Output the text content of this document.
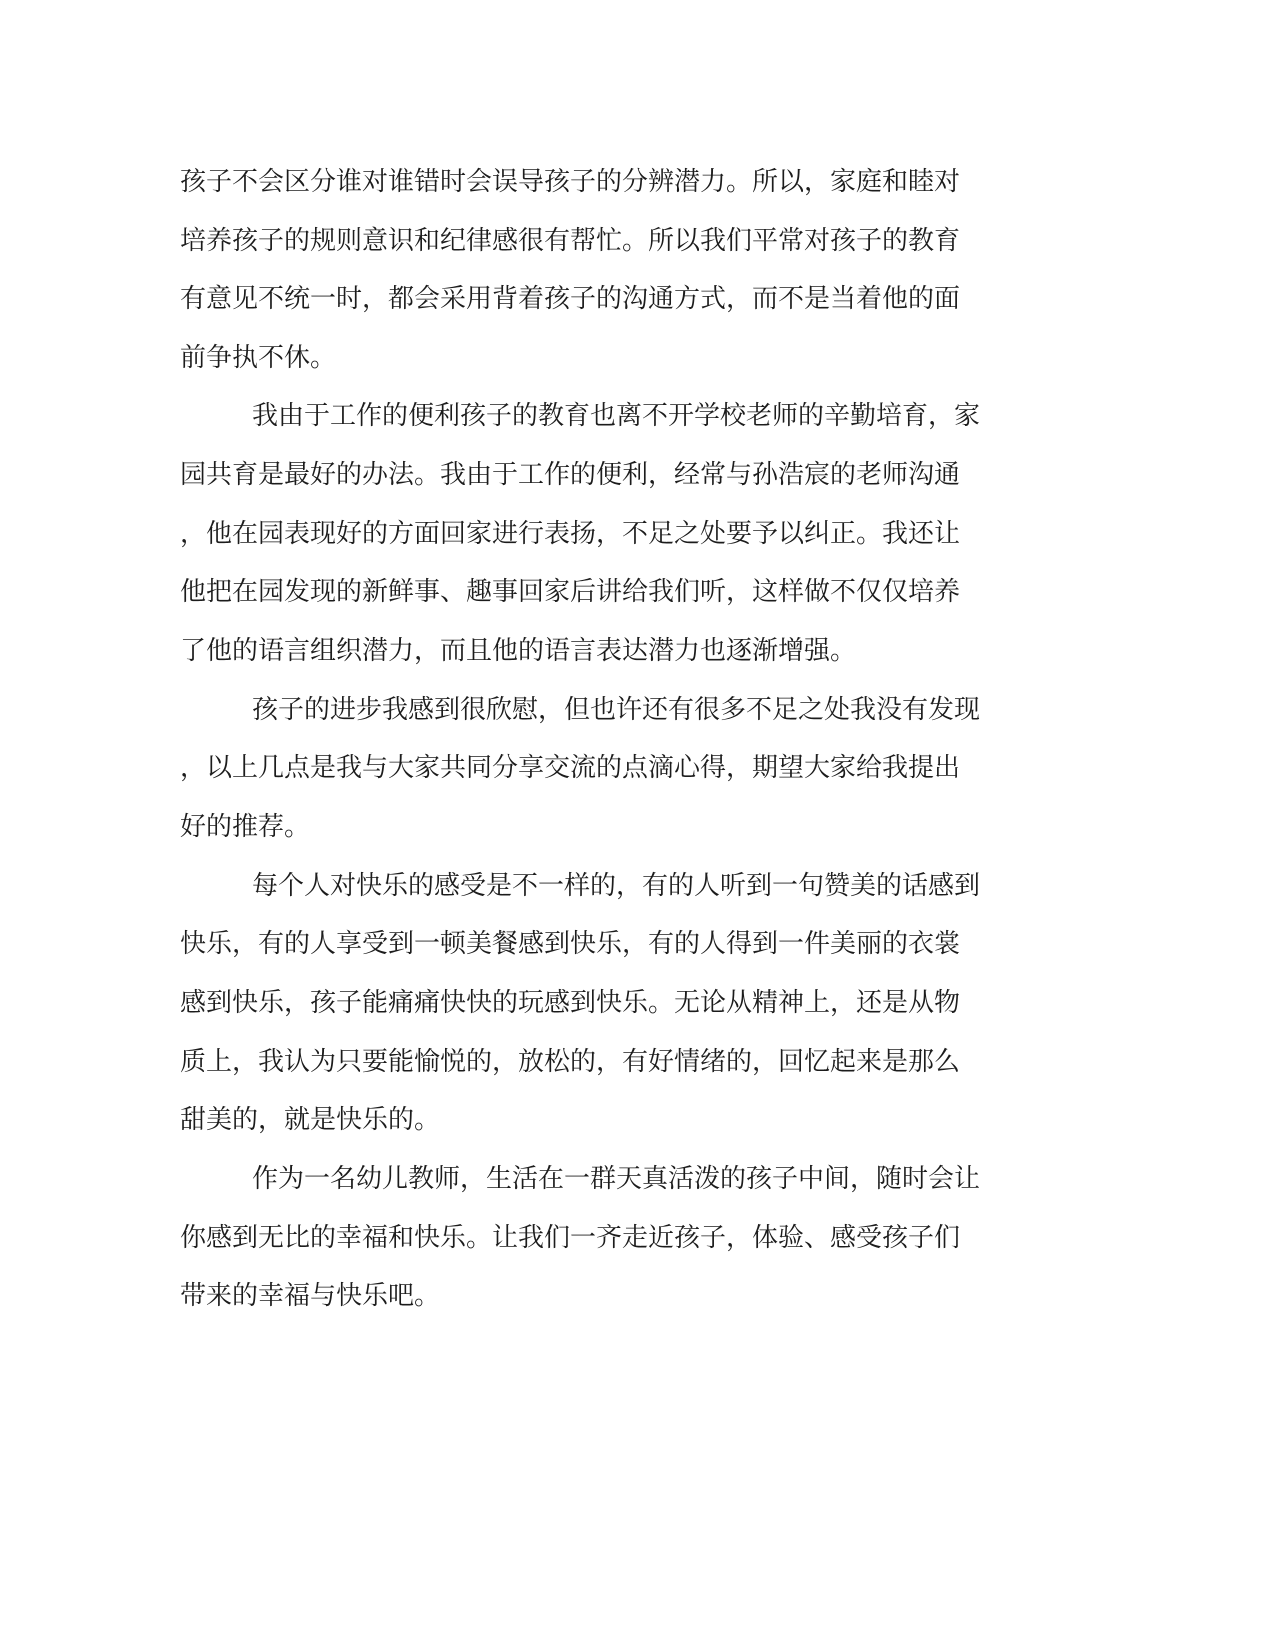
孩子不会区分谁对谁错时会误导孩子的分辨潜力。所以，家庭和睦对
培养孩子的规则意识和纪律感很有帮忙。所以我们平常对孩子的教育
有意见不统一时，都会采用背着孩子的沟通方式，而不是当着他的面
前争执不休。
我由于工作的便利孩子的教育也离不开学校老师的辛勤培育，家
园共育是最好的办法。我由于工作的便利，经常与孙浩宸的老师沟通
，他在园表现好的方面回家进行表扬，不足之处要予以纠正。我还让
他把在园发现的新鲜事、趣事回家后讲给我们听，这样做不仅仅培养
了他的语言组织潜力，而且他的语言表达潜力也逐渐增强。
孩子的进步我感到很欣慰，但也许还有很多不足之处我没有发现
，以上几点是我与大家共同分享交流的点滴心得，期望大家给我提出
好的推荐。
每个人对快乐的感受是不一样的，有的人听到一句赞美的话感到
快乐，有的人享受到一顿美餐感到快乐，有的人得到一件美丽的衣裳
感到快乐，孩子能痛痛快快的玩感到快乐。无论从精神上，还是从物
质上，我认为只要能愉悦的，放松的，有好情绪的，回忆起来是那么
甜美的，就是快乐的。
作为一名幼儿教师，生活在一群天真活泼的孩子中间，随时会让
你感到无比的幸福和快乐。让我们一齐走近孩子，体验、感受孩子们
带来的幸福与快乐吧。
